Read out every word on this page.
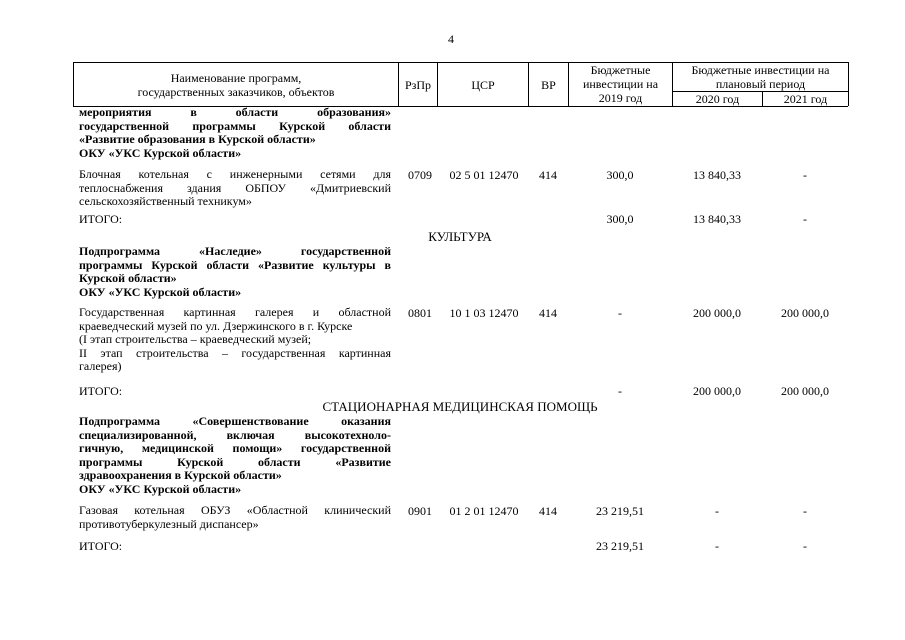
4
Наименование программ,
государственных заказчиков, объектов	РзПр	ЦСР	ВР
Бюджетные
инвестиции на
2019 год
Бюджетные инвестиции на
плановый период
2020 год	2021 год
мероприятия в области образования»
государственной программы Курской области
«Развитие образования в Курской области»
ОКУ «УКС Курской области»
Блочная котельная с инженерными сетями для
теплоснабжения здания ОБПОУ «Дмитриевский
сельскохозяйственный техникум»
0709	02 5 01 12470	414	300,0	13 840,33	-
ИТОГО:	300,0	13 840,33	-
КУЛЬТУРА
Подпрограмма «Наследие» государственной
программы Курской области «Развитие культуры в
Курской области»
ОКУ «УКС Курской области»
Государственная картинная галерея и областной
краеведческий музей по ул. Дзержинского в г. Курске
(I этап строительства – краеведческий музей;
II этап строительства – государственная картинная
галерея)
0801	10 1 03 12470	414	-	200 000,0	200 000,0
ИТОГО:	-	200 000,0	200 000,0
СТАЦИОНАРНАЯ МЕДИЦИНСКАЯ ПОМОЩЬ
Подпрограмма «Совершенствование оказания
специализированной, включая высокотехноло-
гичную, медицинской помощи» государственной
программы Курской области «Развитие
здравоохранения в Курской области»
ОКУ «УКС Курской области»
Газовая котельная ОБУЗ «Областной клинический
противотуберкулезный диспансер»
0901	01 2 01 12470	414	23 219,51	-	-
ИТОГО:	23 219,51	-	-
